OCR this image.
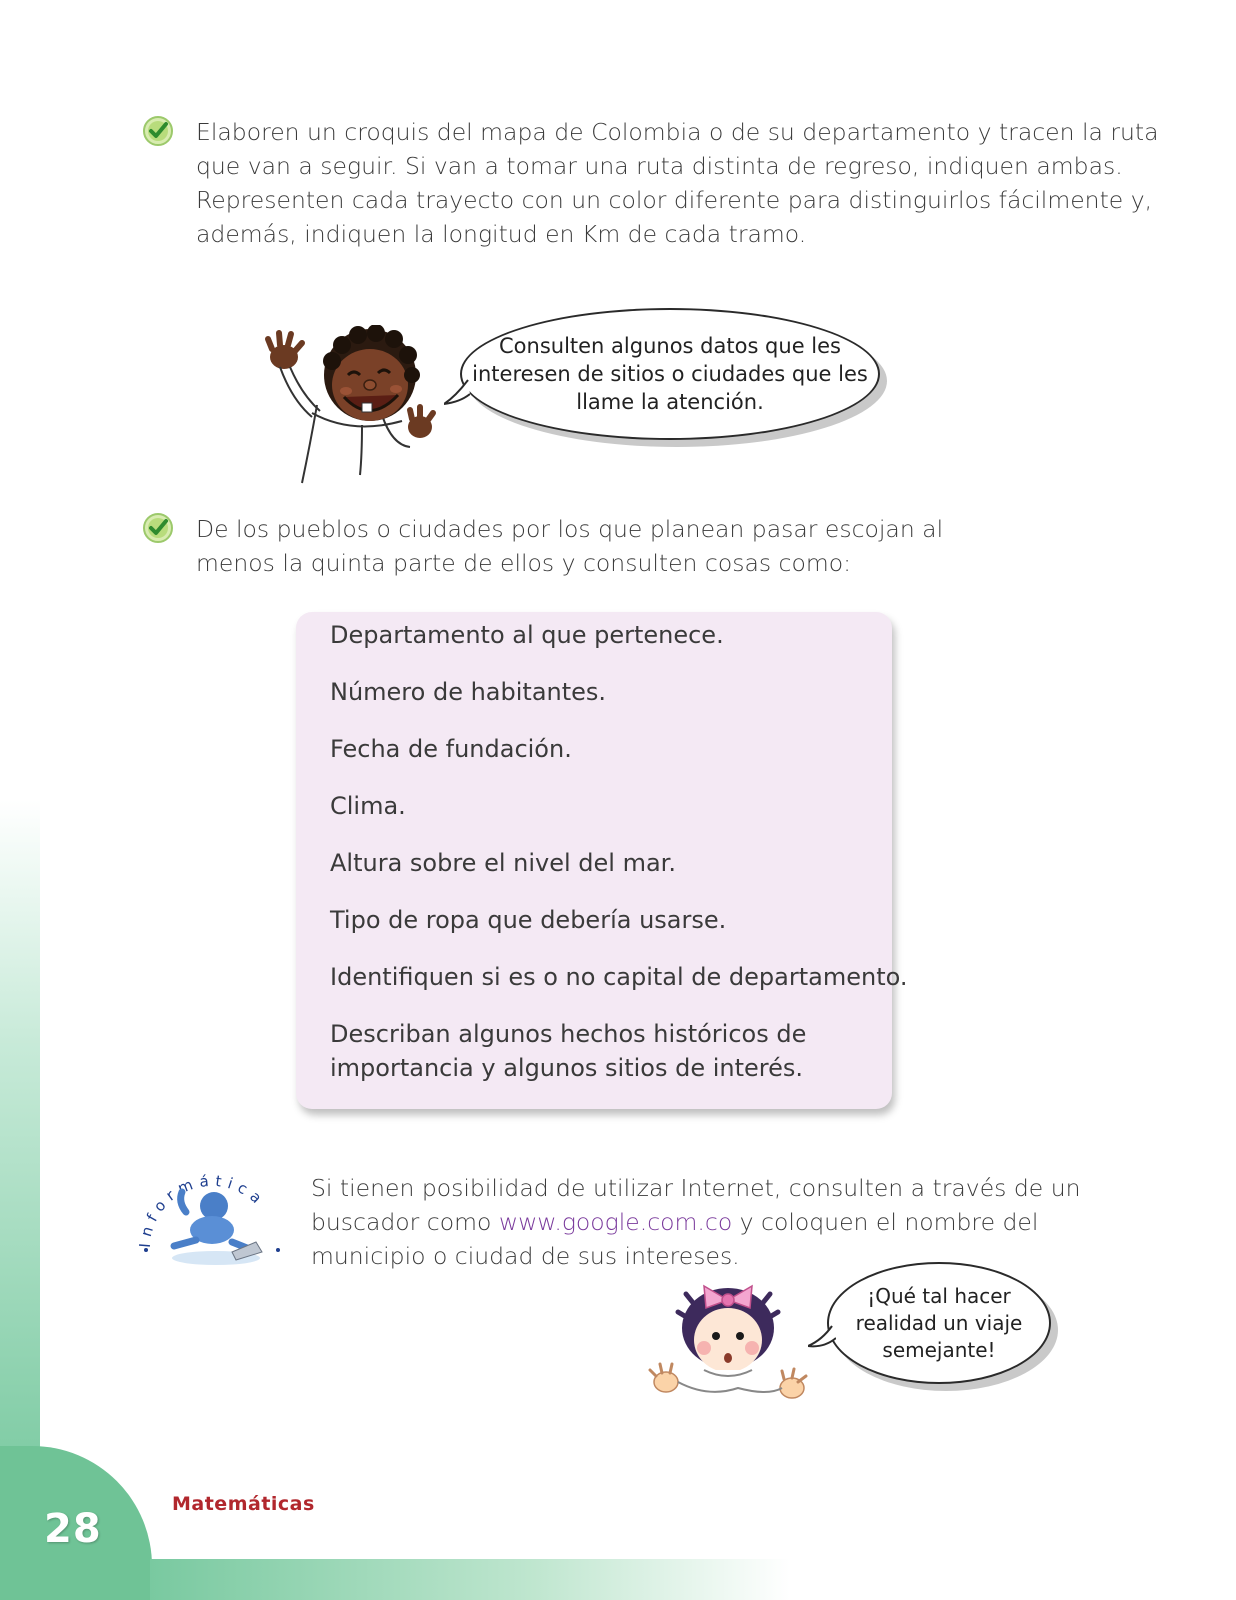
Elaboren un croquis del mapa de Colombia o de su departamento y tracen la ruta
que van a seguir. Si van a tomar una ruta distinta de regreso, indiquen ambas.
Representen cada trayecto con un color diferente para distinguirlos fácilmente y,
además, indiquen la longitud en Km de cada tramo.
Consulten algunos datos que les
interesen de sitios o ciudades que les
llame la atención.
De los pueblos o ciudades por los que planean pasar escojan al
menos la quinta parte de ellos y consulten cosas como:
Departamento al que pertenece.
Número de habitantes.
Fecha de fundación.
Clima.
Altura sobre el nivel del mar.
Tipo de ropa que debería usarse.
Identifiquen si es o no capital de departamento.
Describan algunos hechos históricos de
importancia y algunos sitios de interés.
Informática Si tienen posibilidad de utilizar Internet, consulten a través de un
buscador como www.google.com.co y coloquen el nombre del
municipio o ciudad de sus intereses.
¡Qué tal hacer
realidad un viaje
semejante!
Matemáticas
28
